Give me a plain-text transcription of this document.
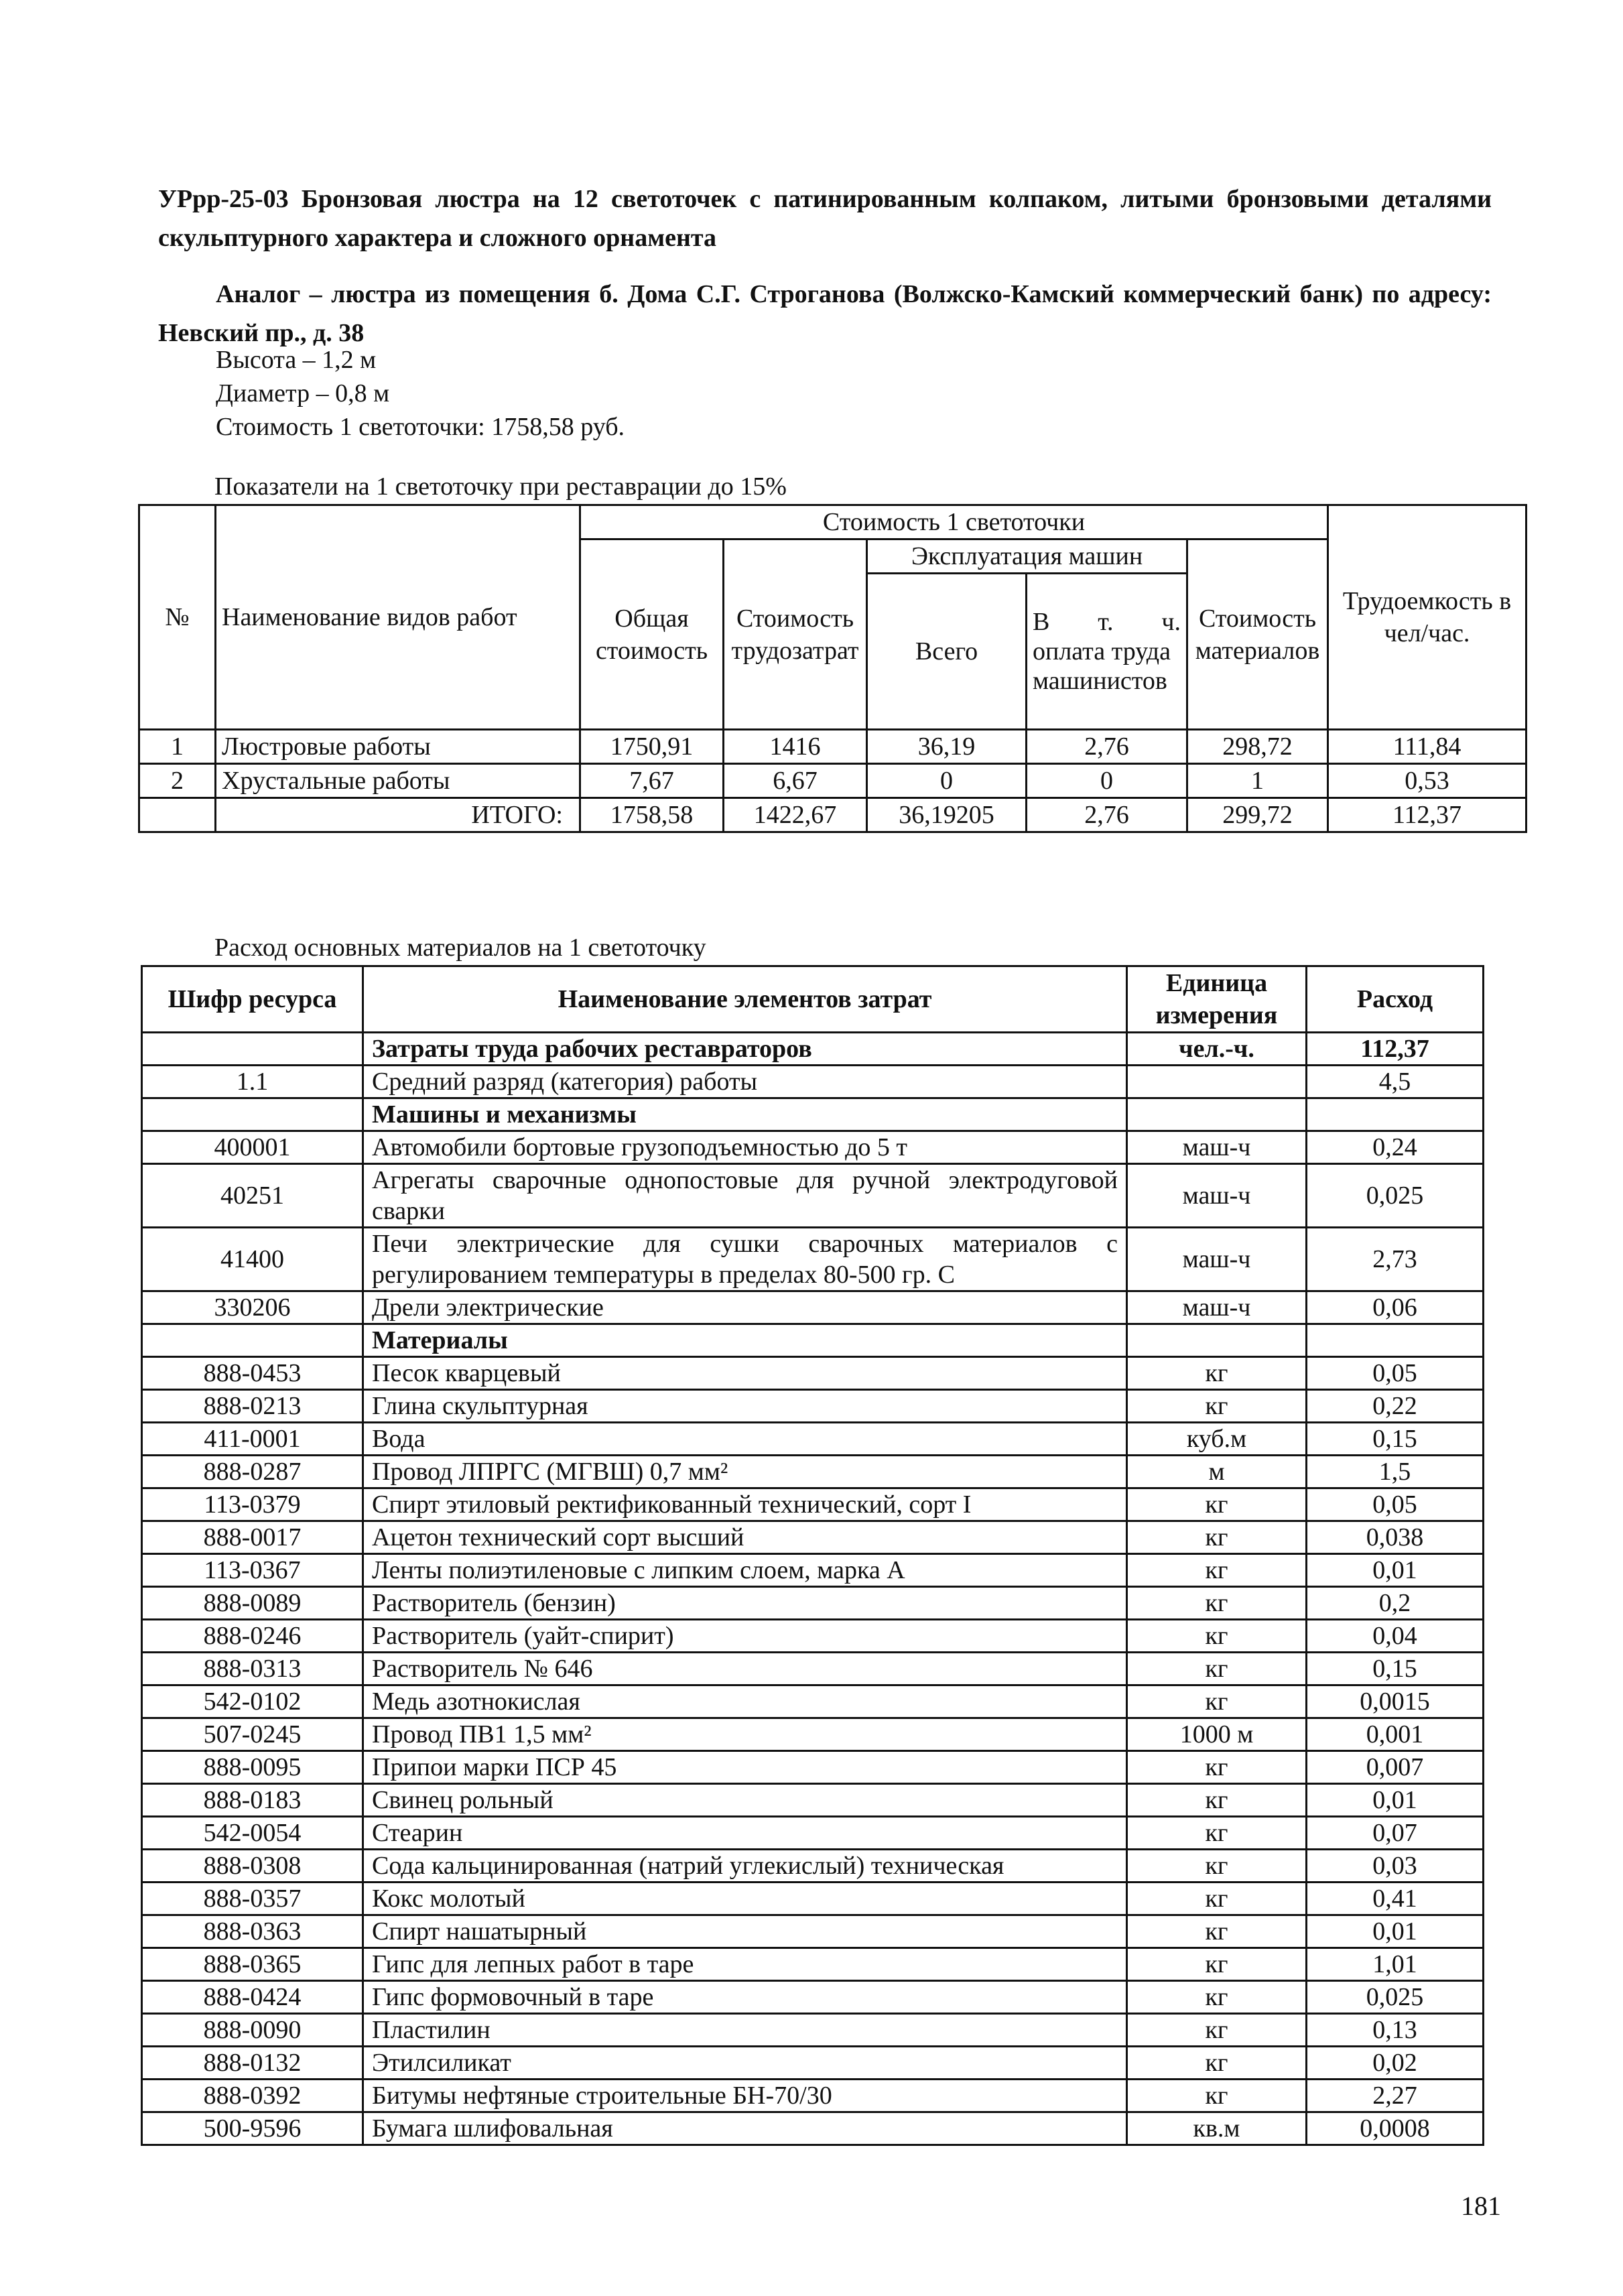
УРрр-25-03 Бронзовая люстра на 12 светоточек с патинированным колпаком, литыми бронзовыми деталями скульптурного характера и сложного орнамента
Аналог – люстра из помещения б. Дома С.Г. Строганова (Волжско-Камский коммерческий банк) по адресу: Невский пр., д. 38
Высота – 1,2 м
Диаметр – 0,8 м
Стоимость 1 светоточки: 1758,58 руб.
Показатели на 1 светоточку при реставрации до 15%
№	Наименование видов работ	Стоимость 1 светоточки					Трудоемкость в чел/час.
		Общая стоимость	Стоимость трудозатрат	Эксплуатация машин		Стоимость материалов	
				Всего	В т. ч.
оплата труда машинистов		

1	Люстровые работы	1750,91	1416	36,19	2,76	298,72	111,84
2	Хрустальные работы	7,67	6,67	0	0	1	0,53
	ИТОГО:	1758,58	1422,67	36,19205	2,76	299,72	112,37
Расход основных материалов на 1 светоточку
Шифр ресурса	Наименование элементов затрат	Единица измерения	Расход
	Затраты труда рабочих реставраторов	чел.-ч.	112,37
1.1	Средний разряд (категория) работы		4,5
	Машины и механизмы		
400001	Автомобили бортовые грузоподъемностью до 5 т	маш-ч	0,24
40251	Агрегаты сварочные однопостовые для ручной электродуговой сварки	маш-ч	0,025
41400	Печи электрические для сушки сварочных материалов с регулированием температуры в пределах 80-500 гр. С	маш-ч	2,73
330206	Дрели электрические	маш-ч	0,06
	Материалы		
888-0453	Песок кварцевый	кг	0,05
888-0213	Глина скульптурная	кг	0,22
411-0001	Вода	куб.м	0,15
888-0287	Провод ЛПРГС (МГВШ) 0,7 мм²	м	1,5
113-0379	Спирт этиловый ректификованный технический, сорт I	кг	0,05
888-0017	Ацетон технический сорт высший	кг	0,038
113-0367	Ленты полиэтиленовые с липким слоем, марка А	кг	0,01
888-0089	Растворитель (бензин)	кг	0,2
888-0246	Растворитель (уайт-спирит)	кг	0,04
888-0313	Растворитель № 646	кг	0,15
542-0102	Медь азотнокислая	кг	0,0015
507-0245	Провод ПВ1 1,5 мм²	1000 м	0,001
888-0095	Припои марки ПСР 45	кг	0,007
888-0183	Свинец рольный	кг	0,01
542-0054	Стеарин	кг	0,07
888-0308	Сода кальцинированная (натрий углекислый) техническая	кг	0,03
888-0357	Кокс молотый	кг	0,41
888-0363	Спирт нашатырный	кг	0,01
888-0365	Гипс для лепных работ в таре	кг	1,01
888-0424	Гипс формовочный в таре	кг	0,025
888-0090	Пластилин	кг	0,13
888-0132	Этилсиликат	кг	0,02
888-0392	Битумы нефтяные строительные БН-70/30	кг	2,27
500-9596	Бумага шлифовальная	кв.м	0,0008
181
